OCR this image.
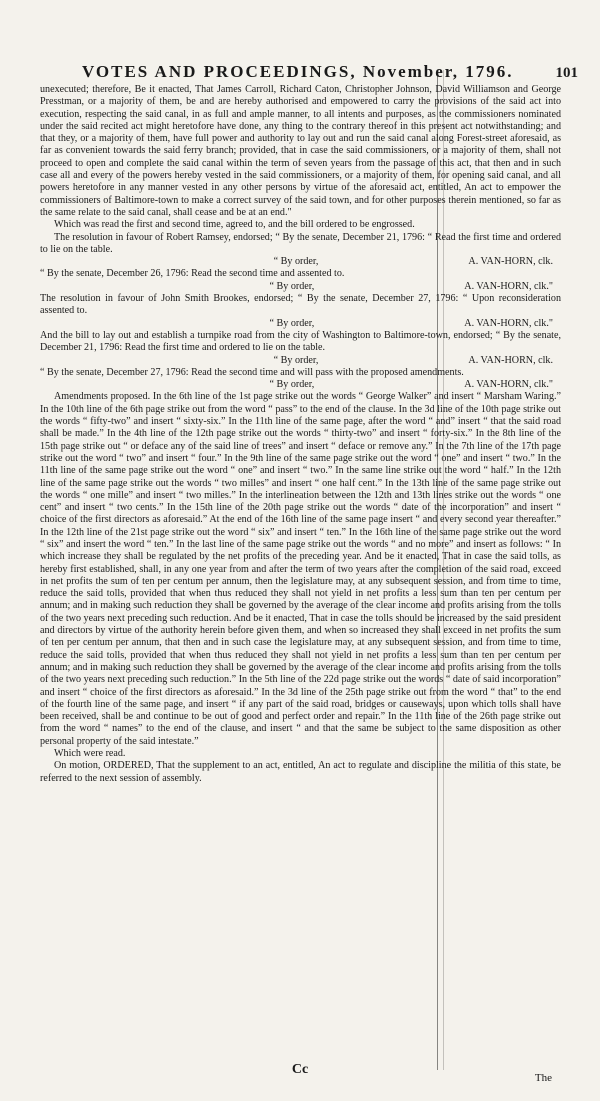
VOTES AND PROCEEDINGS, November, 1796.	101

unexecuted; therefore, Be it enacted, That James Carroll, Richard Caton, Christopher Johnson, David Williamson and George Presstman, or a majority of them, be and are hereby authorised and empowered to carry the provisions of the said act into execution, respecting the said canal, in as full and ample manner, to all intents and purposes, as the commissioners nominated under the said recited act might heretofore have done, any thing to the contrary thereof in this present act notwithstanding; and that they, or a majority of them, have full power and authority to lay out and run the said canal along Forest-street aforesaid, as far as convenient towards the said ferry branch; provided, that in case the said commissioners, or a majority of them, shall not proceed to open and complete the said canal within the term of seven years from the passage of this act, that then and in such case all and every of the powers hereby vested in the said commissioners, or a majority of them, for opening said canal, and all powers heretofore in any manner vested in any other persons by virtue of the aforesaid act, entitled, An act to empower the commissioners of Baltimore-town to make a correct survey of the said town, and for other purposes therein mentioned, so far as the same relate to the said canal, shall cease and be at an end."

Which was read the first and second time, agreed to, and the bill ordered to be engrossed.

The resolution in favour of Robert Ramsey, endorsed; “ By the senate, December 21, 1796: “ Read the first time and ordered to lie on the table.

“ By order,	A. VAN-HORN, clk.

“ By the senate, December 26, 1796: Read the second time and assented to.

“ By order,	A. VAN-HORN, clk."

The resolution in favour of John Smith Brookes, endorsed; “ By the senate, December 27, 1796: “ Upon reconsideration assented to.

“ By order,	A. VAN-HORN, clk."

And the bill to lay out and establish a turnpike road from the city of Washington to Baltimore-town, endorsed; “ By the senate, December 21, 1796: Read the first time and ordered to lie on the table.

“ By order,	A. VAN-HORN, clk.

“ By the senate, December 27, 1796: Read the second time and will pass with the proposed amendments.

“ By order,	A. VAN-HORN, clk."

Amendments proposed. In the 6th line of the 1st page strike out the words “ George Walker” and insert “ Marsham Waring.” In the 10th line of the 6th page strike out from the word “ pass” to the end of the clause. In the 3d line of the 10th page strike out the words “ fifty-two” and insert “ sixty-six.” In the 11th line of the same page, after the word “ and” insert “ that the said road shall be made.” In the 4th line of the 12th page strike out the words “ thirty-two” and insert “ forty-six.” In the 8th line of the 15th page strike out “ or deface any of the said line of trees” and insert “ deface or remove any.” In the 7th line of the 17th page strike out the word “ two” and insert “ four.” In the 9th line of the same page strike out the word “ one” and insert “ two.” In the 11th line of the same page strike out the word “ one” and insert “ two.” In the same line strike out the word “ half.” In the 12th line of the same page strike out the words “ two milles” and insert “ one half cent.” In the 13th line of the same page strike out the words “ one mille” and insert “ two milles.” In the interlineation between the 12th and 13th lines strike out the words “ one cent” and insert “ two cents.” In the 15th line of the 20th page strike out the words “ date of the incorporation” and insert “ choice of the first directors as aforesaid.” At the end of the 16th line of the same page insert “ and every second year thereafter.” In the 12th line of the 21st page strike out the word “ six” and insert “ ten.” In the 16th line of the same page strike out the word “ six” and insert the word “ ten.” In the last line of the same page strike out the words “ and no more” and insert as follows: “ In which increase they shall be regulated by the net profits of the preceding year. And be it enacted, That in case the said tolls, as hereby first established, shall, in any one year from and after the term of two years after the completion of the said road, exceed in net profits the sum of ten per centum per annum, then the legislature may, at any subsequent session, and from time to time, reduce the said tolls, provided that when thus reduced they shall not yield in net profits a less sum than ten per centum per annum; and in making such reduction they shall be governed by the average of the clear income and profits arising from the tolls of the two years next preceding such reduction. And be it enacted, That in case the tolls should be increased by the said president and directors by virtue of the authority herein before given them, and when so increased they shall exceed in net profits the sum of ten per centum per annum, that then and in such case the legislature may, at any subsequent session, and from time to time, reduce the said tolls, provided that when thus reduced they shall not yield in net profits a less sum than ten per centum per annum; and in making such reduction they shall be governed by the average of the clear income and profits arising from the tolls of the two years next preceding such reduction.” In the 5th line of the 22d page strike out the words “ date of said incorporation” and insert “ choice of the first directors as aforesaid.” In the 3d line of the 25th page strike out from the word “ that” to the end of the fourth line of the same page, and insert “ if any part of the said road, bridges or causeways, upon which tolls shall have been received, shall be and continue to be out of good and perfect order and repair.” In the 11th line of the 26th page strike out from the word “ names” to the end of the clause, and insert “ and that the same be subject to the same disposition as other personal property of the said intestate.”

Which were read.

On motion, ORDERED, That the supplement to an act, entitled, An act to regulate and discipline the militia of this state, be referred to the next session of assembly.

Cc
The
